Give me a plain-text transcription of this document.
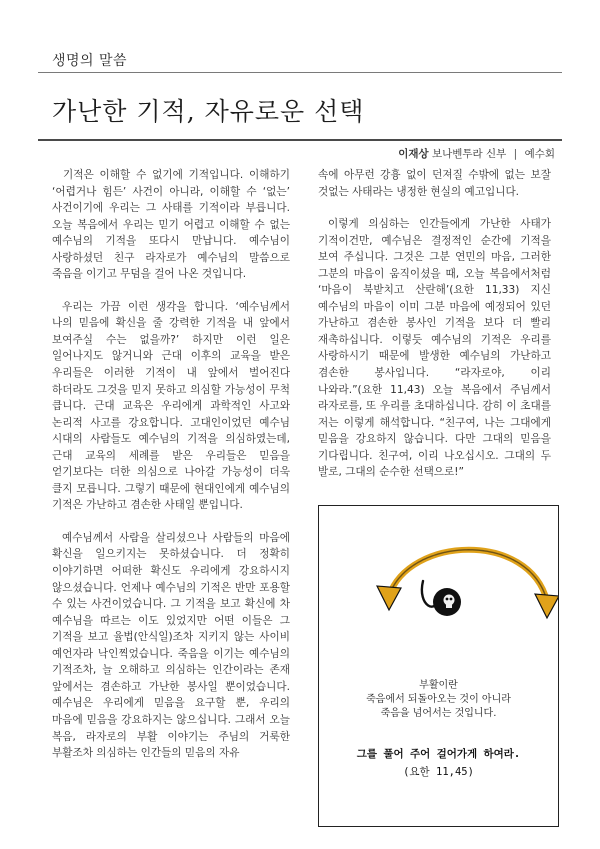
생명의 말씀
가난한 기적, 자유로운 선택
이재상 보나벤투라 신부 | 예수회

기적은 이해할 수 없기에 기적입니다. 이해하기 ‘어렵거나 힘든’ 사건이 아니라, 이해할 수 ‘없는’ 사건이기에 우리는 그 사태를 기적이라 부릅니다. 오늘 복음에서 우리는 믿기 어렵고 이해할 수 없는 예수님의 기적을 또다시 만납니다. 예수님이 사랑하셨던 친구 라자로가 예수님의 말씀으로 죽음을 이기고 무덤을 걸어 나온 것입니다.

우리는 가끔 이런 생각을 합니다. ‘예수님께서 나의 믿음에 확신을 줄 강력한 기적을 내 앞에서 보여주실 수는 없을까?’ 하지만 이런 일은 일어나지도 않거니와 근대 이후의 교육을 받은 우리들은 이러한 기적이 내 앞에서 벌어진다 하더라도 그것을 믿지 못하고 의심할 가능성이 무척 큽니다. 근대 교육은 우리에게 과학적인 사고와 논리적 사고를 강요합니다. 고대인이었던 예수님 시대의 사람들도 예수님의 기적을 의심하였는데, 근대 교육의 세례를 받은 우리들은 믿음을 얻기보다는 더한 의심으로 나아갈 가능성이 더욱 클지 모릅니다. 그렇기 때문에 현대인에게 예수님의 기적은 가난하고 겸손한 사태일 뿐입니다.

예수님께서 사람을 살리셨으나 사람들의 마음에 확신을 일으키지는 못하셨습니다. 더 정확히 이야기하면 어떠한 확신도 우리에게 강요하시지 않으셨습니다. 언제나 예수님의 기적은 반만 포용할 수 있는 사건이었습니다. 그 기적을 보고 확신에 차 예수님을 따르는 이도 있었지만 어떤 이들은 그 기적을 보고 율법(안식일)조차 지키지 않는 사이비 예언자라 낙인찍었습니다. 죽음을 이기는 예수님의 기적조차, 늘 오해하고 의심하는 인간이라는 존재 앞에서는 겸손하고 가난한 봉사일 뿐이었습니다. 예수님은 우리에게 믿음을 요구할 뿐, 우리의 마음에 믿음을 강요하지는 않으십니다. 그래서 오늘 복음, 라자로의 부활 이야기는 주님의 거룩한 부활조차 의심하는 인간들의 믿음의 자유

속에 아무런 강흉 없이 던져질 수밖에 없는 보잘 것없는 사태라는 냉정한 현실의 예고입니다.

이렇게 의심하는 인간들에게 가난한 사태가 기적이건만, 예수님은 결정적인 순간에 기적을 보여 주십니다. 그것은 그분 연민의 마음, 그러한 그분의 마음이 움직이셨을 때, 오늘 복음에서처럼 ‘마음이 북받치고 산란해’(요한 11,33) 지신 예수님의 마음이 이미 그분 마음에 예정되어 있던 가난하고 겸손한 봉사인 기적을 보다 더 빨리 재촉하십니다. 이렇듯 예수님의 기적은 우리를 사랑하시기 때문에 발생한 예수님의 가난하고 겸손한 봉사입니다. “라자로야, 이리 나와라.”(요한 11,43) 오늘 복음에서 주님께서 라자로를, 또 우리를 초대하십니다. 감히 이 초대를 저는 이렇게 해석합니다. “친구여, 나는 그대에게 믿음을 강요하지 않습니다. 다만 그대의 믿음을 기다립니다. 친구여, 이리 나오십시오. 그대의 두 발로, 그대의 순수한 선택으로!”

부활이란
죽음에서 되돌아오는 것이 아니라
죽음을 넘어서는 것입니다.
그를 풀어 주어 걸어가게 하여라.
(요한 11,45)
